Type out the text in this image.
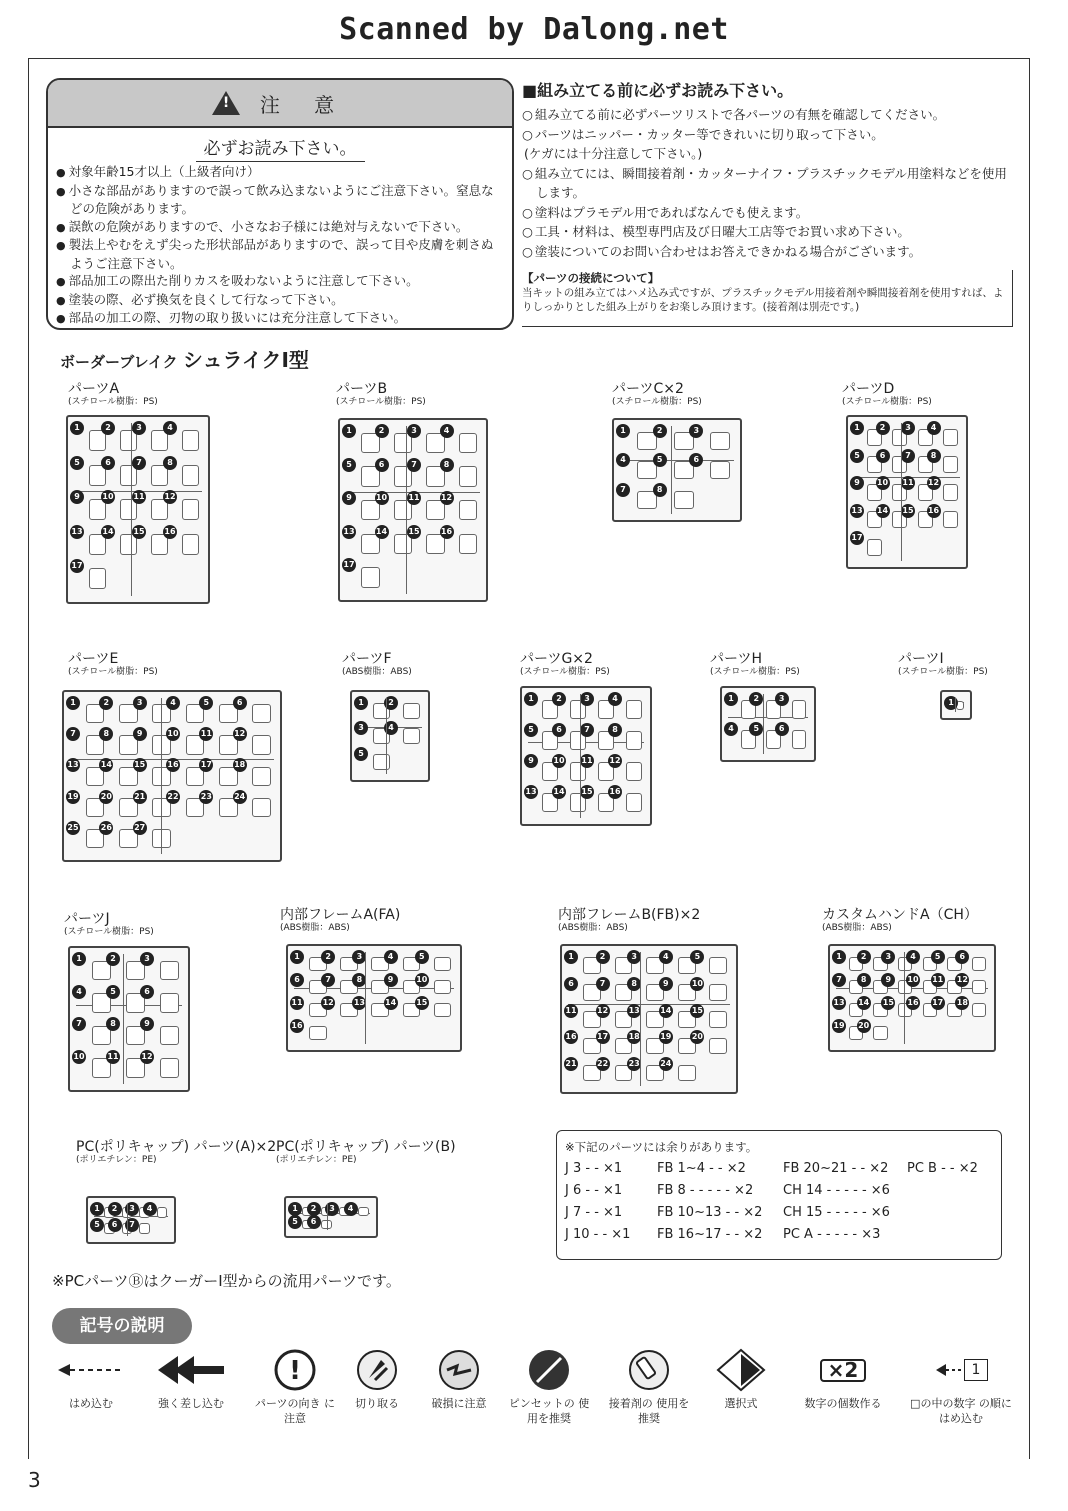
Scanned by Dalong.net
!
注 意
必ずお読み下さい。
● 対象年齢15才以上（上級者向け）
● 小さな部品がありますので誤って飲み込まないようにご注意下さい。窒息などの危険があります。
● 誤飲の危険がありますので、小さなお子様には絶対与えないで下さい。
● 製法上やむをえず尖った形状部品がありますので、誤って目や皮膚を刺さぬようご注意下さい。
● 部品加工の際出た削りカスを吸わないように注意して下さい。
● 塗装の際、必ず換気を良くして行なって下さい。
● 部品の加工の際、刃物の取り扱いには充分注意して下さい。
■組み立てる前に必ずお読み下さい。
○ 組み立てる前に必ずパーツリストで各パーツの有無を確認してください。
○ パーツはニッパー・カッター等できれいに切り取って下さい。
(ケガには十分注意して下さい。)
○ 組み立てには、瞬間接着剤・カッターナイフ・プラスチックモデル用塗料などを使用します。
○ 塗料はプラモデル用であればなんでも使えます。
○ 工具・材料は、模型専門店及び日曜大工店等でお買い求め下さい。
○ 塗装についてのお問い合わせはお答えできかねる場合がございます。
【パーツの接続について】
当キットの組み立てはハメ込み式ですが、プラスチックモデル用接着剤や瞬間接着剤を使用すれば、よりしっかりとした組み上がりをお楽しみ頂けます。(接着剤は別売です。)
ボーダーブレイク シュライクⅠ型
パーツA
(スチロール樹脂：PS)
1	2	3	4
5	6	7	8
9	10 11 12
13 14 15 16
17
パーツB
(スチロール樹脂：PS)
1	2	3	4
5	6	7	8
9	10	11	12
13	14	15	16
17
パーツC×2
(スチロール樹脂：PS)
1	2	3
4	5	6
7	8
パーツD
(スチロール樹脂：PS)
1	2	3	4
5	6	7	8
9	10 11 12
13 14 15 16
17
パーツE
(スチロール樹脂：PS)
1	2	3	4	5	6
7	8	9	10	11	12
13	14	15	16	17	18
19	20	21	22	23	24
25	26	27
パーツF
(ABS樹脂：ABS)
1	2
3	4
5
パーツG×2
(スチロール樹脂：PS)
1	2	3	4
5	6	7	8
9	10 11 12
13 14 15 16
パーツH
(スチロール樹脂：PS)
1	2	3
4	5	6
パーツI
(スチロール樹脂：PS)
1
パーツJ
(スチロール樹脂：PS)
1	2	3
4	5	6
7	8	9
10	11	12
内部フレームA(FA)
(ABS樹脂：ABS)
1	2	3	4	5
6	7	8	9	10
11	12	13	14	15
16
内部フレームB(FB)×2
(ABS樹脂：ABS)
1	2	3	4	5
6	7	8	9	10
11	12	13	14	15
16	17	18	19	20
21	22	23	24
カスタムハンドA（CH）
(ABS樹脂：ABS)
1	2	3	4	5	6
7	8	9	10 11 12
13 14 15 16 17 18
19 20
PC(ポリキャップ) パーツ(A)×2
(ポリエチレン：PE)
1	2	3	4
5	6	7
PC(ポリキャップ) パーツ(B)
(ポリエチレン：PE)
1	2	3	4
5	6
※下記のパーツには余りがあります。
J 3 - - ×1	FB 1~4 - - ×2	FB 20~21 - - ×2	PC B - - ×2
J 6 - - ×1	FB 8 - - - - - ×2	CH 14 - - - - - ×6
J 7 - - ×1	FB 10~13 - - ×2	CH 15 - - - - - ×6
J 10 - - ×1	FB 16~17 - - ×2	PC A - - - - - ×3
※PCパーツⒷはクーガーⅠ型からの流用パーツです。
記号の説明
はめ込む	強く差し込む
!
パーツの向き に注意
切り取る	破損に注意	ピンセットの 使用を推奨
接着剤の 使用を推奨
選択式
×2
数字の個数作る
1
□の中の数字 の順にはめ込む
3
